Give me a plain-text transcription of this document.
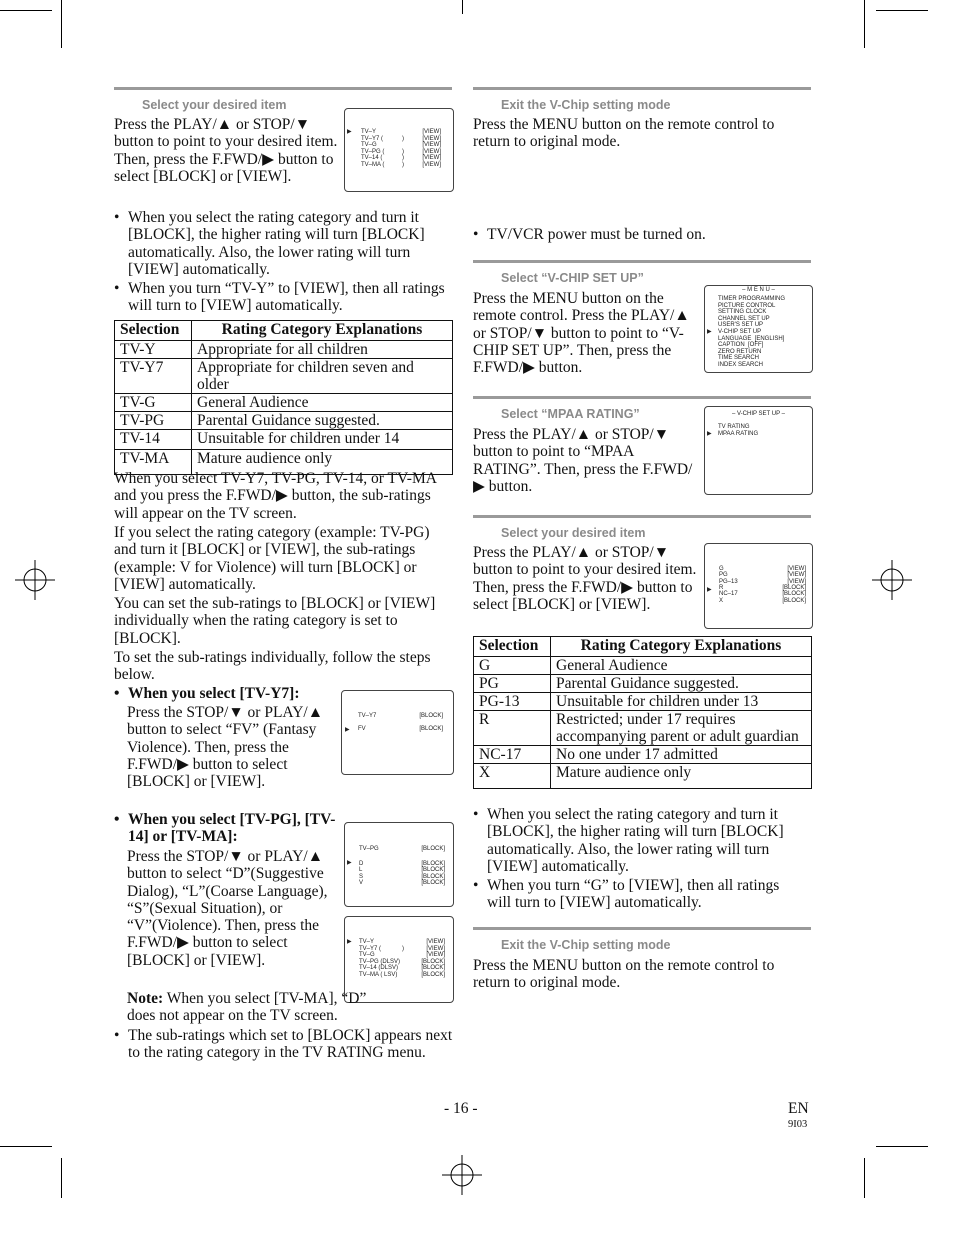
Select your desired item
Press the PLAY/▲ or STOP/▼ button to point to your desired item. Then, press the F.FWD/▶ button to select [BLOCK] or [VIEW].
▶ TV–Y	[VIEW]
TV–Y7 (	)	[VIEW]
TV–G	[VIEW]
TV–PG (	)	[VIEW]
TV–14 (	)	[VIEW]
TV–MA (	)	[VIEW]
• When you select the rating category and turn it [BLOCK], the higher rating will turn [BLOCK] automatically. Also, the lower rating will turn [VIEW] automatically.
• When you turn “TV-Y” to [VIEW], then all ratings will turn to [VIEW] automatically.
Selection	Rating Category Explanations
TV-Y	Appropriate for all children
TV-Y7	Appropriate for children seven and older
TV-G	General Audience
TV-PG	Parental Guidance suggested.
TV-14	Unsuitable for children under 14
TV-MA	Mature audience only
When you select TV-Y7, TV-PG, TV-14, or TV-MA and you press the F.FWD/▶ button, the sub-ratings will appear on the TV screen.
If you select the rating category (example: TV-PG) and turn it [BLOCK] or [VIEW], the sub-ratings (example: V for Violence) will turn [BLOCK] or [VIEW] automatically.
You can set the sub-ratings to [BLOCK] or [VIEW] individually when the rating category is set to [BLOCK].
To set the sub-ratings individually, follow the steps below.
• When you select [TV-Y7]:
Press the STOP/▼ or PLAY/▲ button to select “FV” (Fantasy Violence). Then, press the F.FWD/▶ button to select [BLOCK] or [VIEW].
▶
TV–Y7	[BLOCK]
FV	[BLOCK]
• When you select [TV-PG], [TV-14] or [TV-MA]:
Press the STOP/▼ or PLAY/▲ button to select “D”(Suggestive Dialog), “L”(Coarse Language), “S”(Sexual Situation), or “V”(Violence). Then, press the F.FWD/▶ button to select [BLOCK] or [VIEW].
▶
TV–PG	[BLOCK]
D	[BLOCK]
L	[BLOCK]
S	[BLOCK]
V	[BLOCK]
▶ TV–Y	[VIEW]
TV–Y7 (	)	[VIEW]
TV–G	[VIEW]
TV–PG (DLSV)	[BLOCK]
TV–14 (DLSV)	[BLOCK]
TV–MA ( LSV)	[BLOCK]
Note: When you select [TV-MA], “D” does not appear on the TV screen.
• The sub-ratings which set to [BLOCK] appears next to the rating category in the TV RATING menu.
Exit the V-Chip setting mode
Press the MENU button on the remote control to return to original mode.
• TV/VCR power must be turned on.
Select “V-CHIP SET UP”
Press the MENU button on the remote control. Press the PLAY/▲ or STOP/▼ button to point to “V-CHIP SET UP”. Then, press the F.FWD/▶ button.
– M E N U –
▶
TIMER PROGRAMMING
PICTURE CONTROL
SETTING CLOCK
CHANNEL SET UP
USER'S SET UP
V-CHIP SET UP
LANGUAGE  [ENGLISH]
CAPTION  [OFF]
ZERO RETURN
TIME SEARCH
INDEX SEARCH
Select “MPAA RATING”
Press the PLAY/▲ or STOP/▼ button to point to “MPAA RATING”. Then, press the F.FWD/▶ button.
– V-CHIP SET UP –
▶
TV RATING
MPAA RATING
Select your desired item
Press the PLAY/▲ or STOP/▼ button to point to your desired item. Then, press the F.FWD/▶ button to select [BLOCK] or [VIEW].
▶
G	[VIEW]
PG	[VIEW]
PG–13	[VIEW]
R	[BLOCK]
NC–17	[BLOCK]
X	[BLOCK]
Selection	Rating Category Explanations
G	General Audience
PG	Parental Guidance suggested.
PG-13	Unsuitable for children under 13
R	Restricted; under 17 requires accompanying parent or adult guardian
NC-17	No one under 17 admitted
X	Mature audience only
• When you select the rating category and turn it [BLOCK], the higher rating will turn [BLOCK] automatically. Also, the lower rating will turn [VIEW] automatically.
• When you turn “G” to [VIEW], then all ratings will turn to [VIEW] automatically.
Exit the V-Chip setting mode
Press the MENU button on the remote control to return to original mode.
- 16 -	EN
9I03
